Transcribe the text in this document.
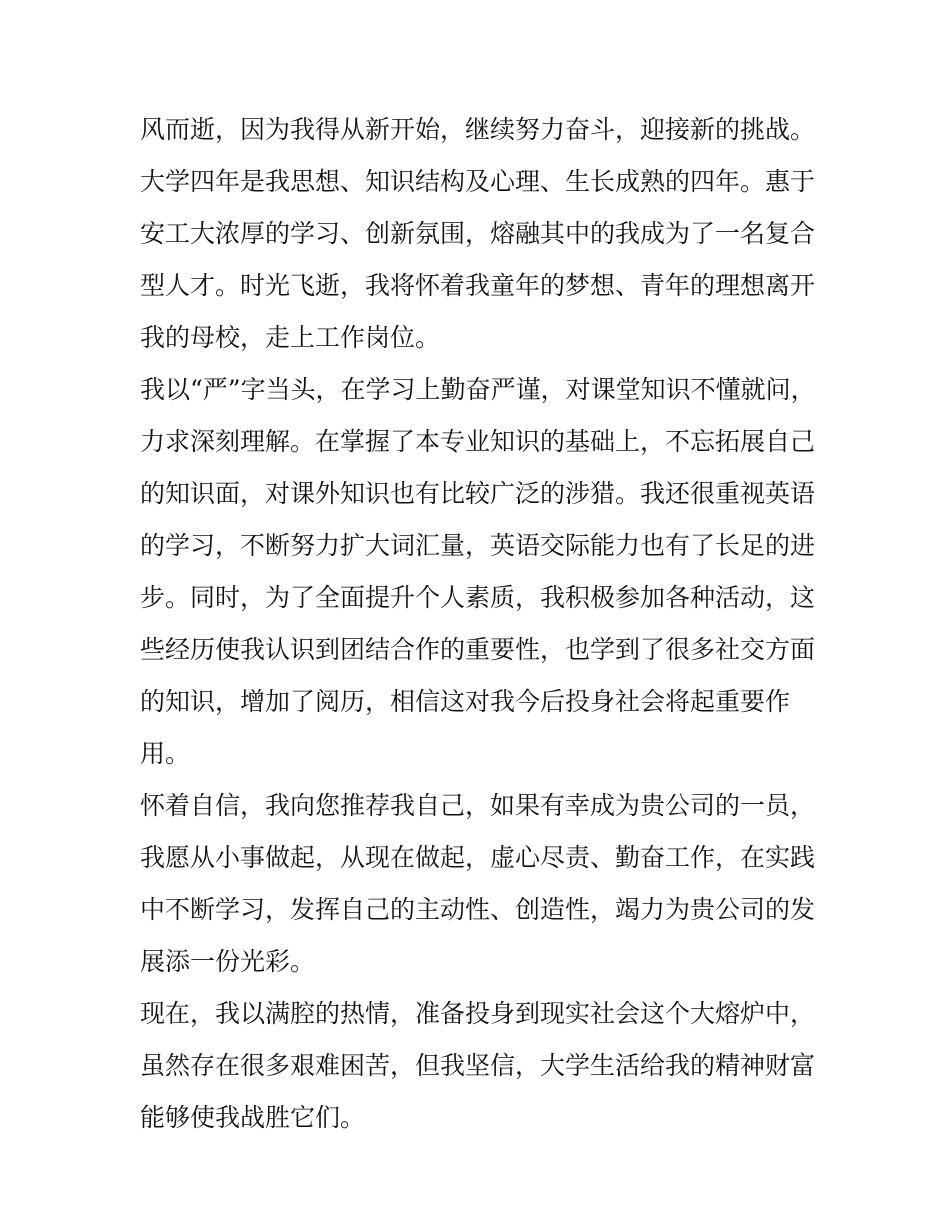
风而逝，因为我得从新开始，继续努力奋斗，迎接新的挑战。
大学四年是我思想、知识结构及心理、生长成熟的四年。惠于
安工大浓厚的学习、创新氛围，熔融其中的我成为了一名复合
型人才。时光飞逝，我将怀着我童年的梦想、青年的理想离开
我的母校，走上工作岗位。
我以“严”字当头，在学习上勤奋严谨，对课堂知识不懂就问，
力求深刻理解。在掌握了本专业知识的基础上，不忘拓展自己
的知识面，对课外知识也有比较广泛的涉猎。我还很重视英语
的学习，不断努力扩大词汇量，英语交际能力也有了长足的进
步。同时，为了全面提升个人素质，我积极参加各种活动，这
些经历使我认识到团结合作的重要性，也学到了很多社交方面
的知识，增加了阅历，相信这对我今后投身社会将起重要作
用。
怀着自信，我向您推荐我自己，如果有幸成为贵公司的一员，
我愿从小事做起，从现在做起，虚心尽责、勤奋工作，在实践
中不断学习，发挥自己的主动性、创造性，竭力为贵公司的发
展添一份光彩。
现在，我以满腔的热情，准备投身到现实社会这个大熔炉中，
虽然存在很多艰难困苦，但我坚信，大学生活给我的精神财富
能够使我战胜它们。
